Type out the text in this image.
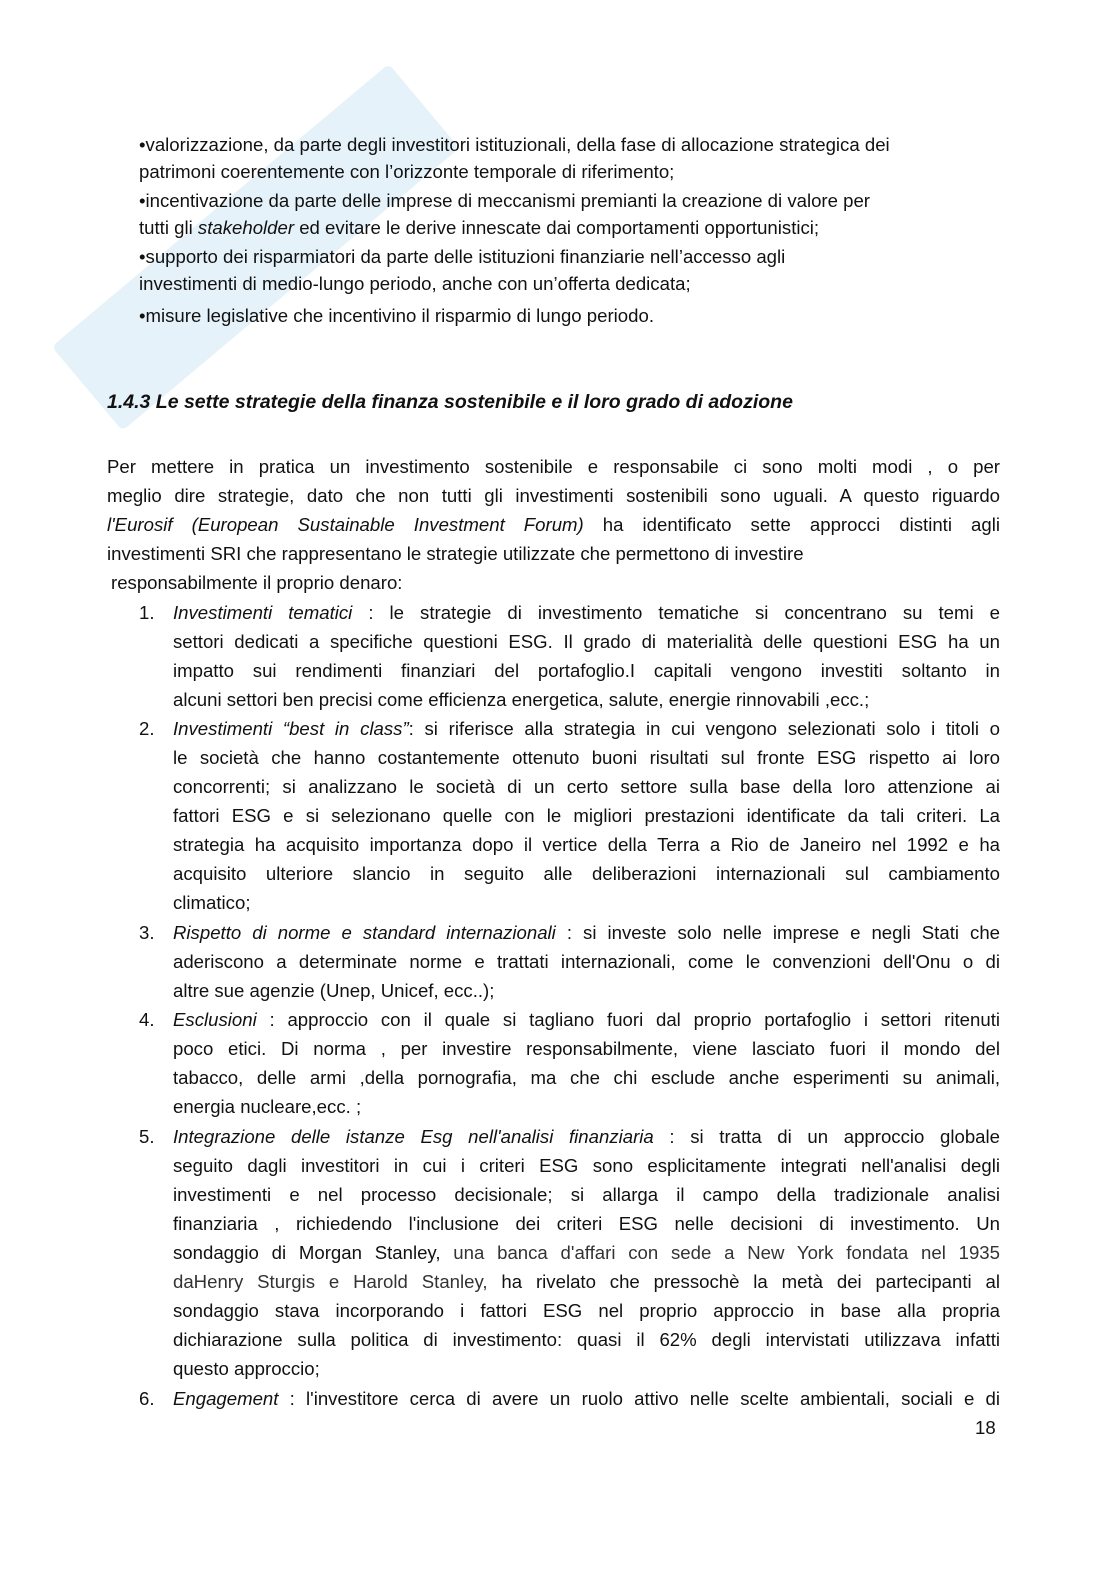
• valorizzazione, da parte degli investitori istituzionali, della fase di allocazione strategica dei
patrimoni coerentemente con l’orizzonte temporale di riferimento;
• incentivazione da parte delle imprese di meccanismi premianti la creazione di valore per
tutti gli stakeholder ed evitare le derive innescate dai comportamenti opportunistici;
• supporto dei risparmiatori da parte delle istituzioni finanziarie nell’accesso agli
investimenti di medio-lungo periodo, anche con un’offerta dedicata;
• misure legislative che incentivino il risparmio di lungo periodo.
1.4.3 Le sette strategie della finanza sostenibile e il loro grado di adozione
Per mettere in pratica un investimento sostenibile e responsabile ci sono molti modi , o per
meglio dire strategie, dato che non tutti gli investimenti sostenibili sono uguali. A questo riguardo
l'Eurosif (European Sustainable Investment Forum) ha identificato sette approcci distinti agli
investimenti SRI che rappresentano le strategie utilizzate che permettono di investire
responsabilmente il proprio denaro:
1. Investimenti tematici : le strategie di investimento tematiche si concentrano su temi e
settori dedicati a specifiche questioni ESG. Il grado di materialità delle questioni ESG ha un
impatto sui rendimenti finanziari del portafoglio.I capitali vengono investiti soltanto in
alcuni settori ben precisi come efficienza energetica, salute, energie rinnovabili ,ecc.;
2. Investimenti “best in class”: si riferisce alla strategia in cui vengono selezionati solo i titoli o
le società che hanno costantemente ottenuto buoni risultati sul fronte ESG rispetto ai loro
concorrenti; si analizzano le società di un certo settore sulla base della loro attenzione ai
fattori ESG e si selezionano quelle con le migliori prestazioni identificate da tali criteri. La
strategia ha acquisito importanza dopo il vertice della Terra a Rio de Janeiro nel 1992 e ha
acquisito ulteriore slancio in seguito alle deliberazioni internazionali sul cambiamento
climatico;
3. Rispetto di norme e standard internazionali : si investe solo nelle imprese e negli Stati che
aderiscono a determinate norme e trattati internazionali, come le convenzioni dell'Onu o di
altre sue agenzie (Unep, Unicef, ecc..);
4. Esclusioni : approccio con il quale si tagliano fuori dal proprio portafoglio i settori ritenuti
poco etici. Di norma , per investire responsabilmente, viene lasciato fuori il mondo del
tabacco, delle armi ,della pornografia, ma che chi esclude anche esperimenti su animali,
energia nucleare,ecc. ;
5. Integrazione delle istanze Esg nell'analisi finanziaria : si tratta di un approccio globale
seguito dagli investitori in cui i criteri ESG sono esplicitamente integrati nell'analisi degli
investimenti e nel processo decisionale; si allarga il campo della tradizionale analisi
finanziaria , richiedendo l'inclusione dei criteri ESG nelle decisioni di investimento. Un
sondaggio di Morgan Stanley, una banca d'affari con sede a New York fondata nel 1935
daHenry Sturgis e Harold Stanley, ha rivelato che pressochè la metà dei partecipanti al
sondaggio stava incorporando i fattori ESG nel proprio approccio in base alla propria
dichiarazione sulla politica di investimento: quasi il 62% degli intervistati utilizzava infatti
questo approccio;
6. Engagement : l'investitore cerca di avere un ruolo attivo nelle scelte ambientali, sociali e di
18
